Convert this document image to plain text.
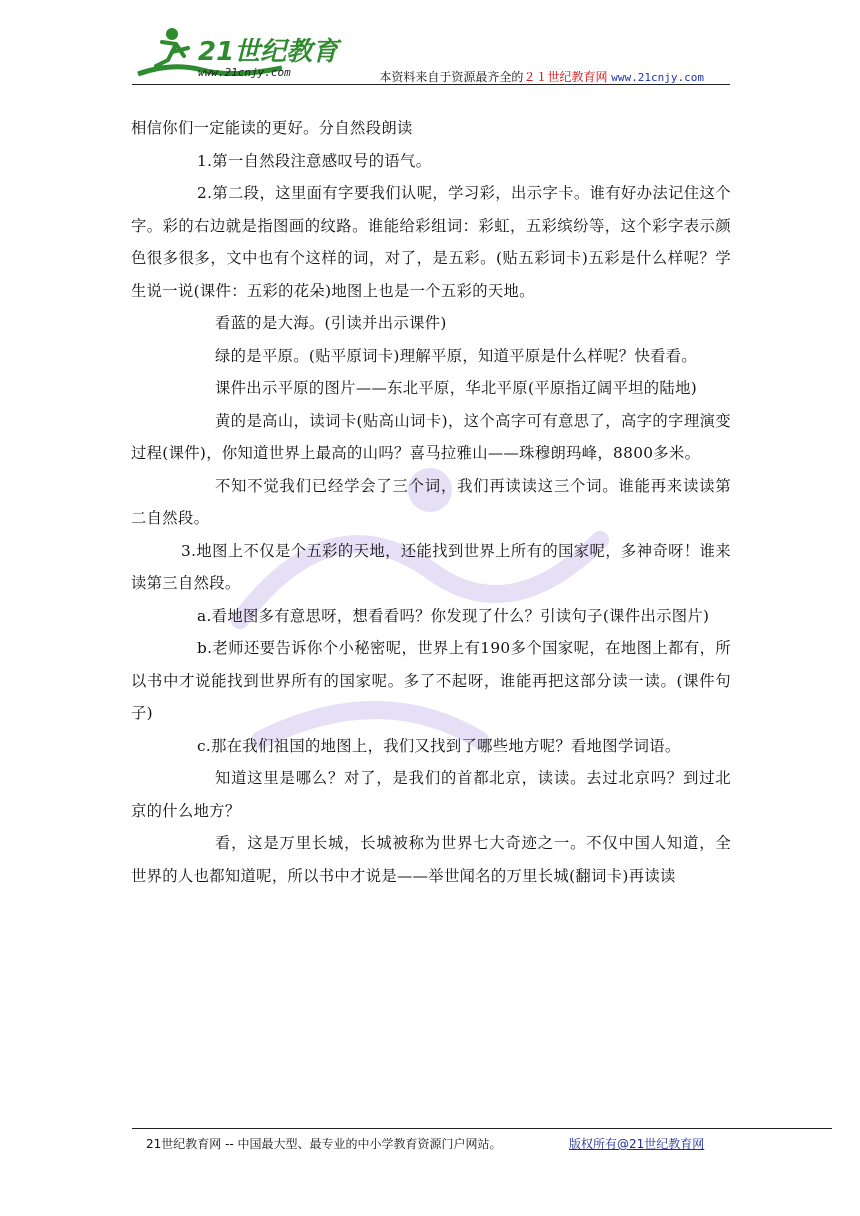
21世纪教育
www.21cnjy.com	本资料来自于资源最齐全的２１世纪教育网 www.21cnjy.com

相信你们一定能读的更好。分自然段朗读

1.第一自然段注意感叹号的语气。

2.第二段，这里面有字要我们认呢，学习彩，出示字卡。谁有好办法记住这个字。彩的右边就是指图画的纹路。谁能给彩组词：彩虹，五彩缤纷等，这个彩字表示颜色很多很多，文中也有个这样的词，对了，是五彩。(贴五彩词卡)五彩是什么样呢？学生说一说(课件：五彩的花朵)地图上也是一个五彩的天地。

看蓝的是大海。(引读并出示课件)

绿的是平原。(贴平原词卡)理解平原，知道平原是什么样呢？快看看。

课件出示平原的图片——东北平原，华北平原(平原指辽阔平坦的陆地)

黄的是高山，读词卡(贴高山词卡)，这个高字可有意思了，高字的字理演变过程(课件)，你知道世界上最高的山吗？喜马拉雅山——珠穆朗玛峰，8800多米。

不知不觉我们已经学会了三个词，我们再读读这三个词。谁能再来读读第二自然段。

3.地图上不仅是个五彩的天地，还能找到世界上所有的国家呢，多神奇呀！谁来读第三自然段。

a.看地图多有意思呀，想看看吗？你发现了什么？引读句子(课件出示图片)

b.老师还要告诉你个小秘密呢，世界上有190多个国家呢，在地图上都有，所以书中才说能找到世界所有的国家呢。多了不起呀，谁能再把这部分读一读。(课件句子)

c.那在我们祖国的地图上，我们又找到了哪些地方呢？看地图学词语。

知道这里是哪么？对了，是我们的首都北京，读读。去过北京吗？到过北京的什么地方？

看，这是万里长城，长城被称为世界七大奇迹之一。不仅中国人知道，全世界的人也都知道呢，所以书中才说是——举世闻名的万里长城(翻词卡)再读读

21世纪教育网 -- 中国最大型、最专业的中小学教育资源门户网站。	版权所有@21世纪教育网
